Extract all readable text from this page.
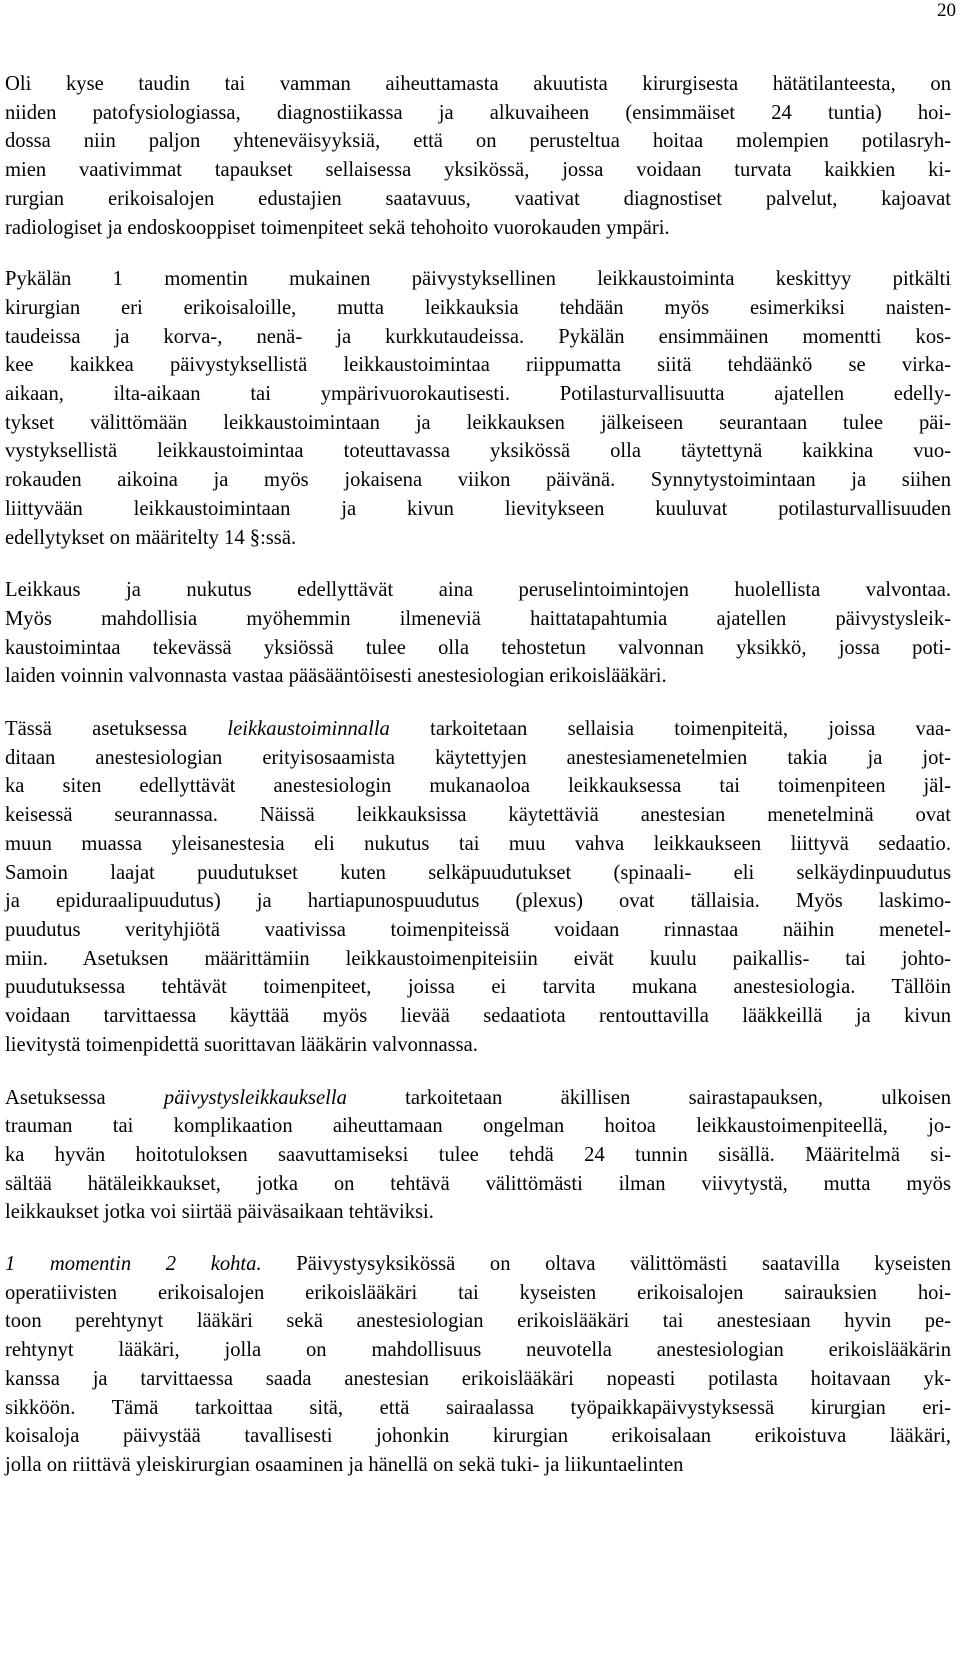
20
Oli kyse taudin tai vamman aiheuttamasta akuutista kirurgisesta hätätilanteesta, on
niiden patofysiologiassa, diagnostiikassa ja alkuvaiheen (ensimmäiset 24 tuntia) hoi-
dossa niin paljon yhteneväisyyksiä, että on perusteltua hoitaa molempien potilasryh-
mien vaativimmat tapaukset sellaisessa yksikössä, jossa voidaan turvata kaikkien ki-
rurgian erikoisalojen edustajien saatavuus, vaativat diagnostiset palvelut, kajoavat
radiologiset ja endoskooppiset toimenpiteet sekä tehohoito vuorokauden ympäri.
Pykälän 1 momentin mukainen päivystyksellinen leikkaustoiminta keskittyy pitkälti
kirurgian eri erikoisaloille, mutta leikkauksia tehdään myös esimerkiksi naisten-
taudeissa ja korva-, nenä- ja kurkkutaudeissa. Pykälän ensimmäinen momentti kos-
kee kaikkea päivystyksellistä leikkaustoimintaa riippumatta siitä tehdäänkö se virka-
aikaan, ilta-aikaan tai ympärivuorokautisesti. Potilasturvallisuutta ajatellen edelly-
tykset välittömään leikkaustoimintaan ja leikkauksen jälkeiseen seurantaan tulee päi-
vystyksellistä leikkaustoimintaa toteuttavassa yksikössä olla täytettynä kaikkina vuo-
rokauden aikoina ja myös jokaisena viikon päivänä. Synnytystoimintaan ja siihen
liittyvään leikkaustoimintaan ja kivun lievitykseen kuuluvat potilasturvallisuuden
edellytykset on määritelty 14 §:ssä.
Leikkaus ja nukutus edellyttävät aina peruselintoimintojen huolellista valvontaa.
Myös mahdollisia myöhemmin ilmeneviä haittatapahtumia ajatellen päivystysleik-
kaustoimintaa tekevässä yksiössä tulee olla tehostetun valvonnan yksikkö, jossa poti-
laiden voinnin valvonnasta vastaa pääsääntöisesti anestesiologian erikoislääkäri.
Tässä asetuksessa leikkaustoiminnalla tarkoitetaan sellaisia toimenpiteitä, joissa vaa-
ditaan anestesiologian erityisosaamista käytettyjen anestesiamenetelmien takia ja jot-
ka siten edellyttävät anestesiologin mukanaoloa leikkauksessa tai toimenpiteen jäl-
keisessä seurannassa. Näissä leikkauksissa käytettäviä anestesian menetelminä ovat
muun muassa yleisanestesia eli nukutus tai muu vahva leikkaukseen liittyvä sedaatio.
Samoin laajat puudutukset kuten selkäpuudutukset (spinaali- eli selkäydinpuudutus
ja epiduraalipuudutus) ja hartiapunospuudutus (plexus) ovat tällaisia. Myös laskimo-
puudutus verityhjiötä vaativissa toimenpiteissä voidaan rinnastaa näihin menetel-
miin. Asetuksen määrittämiin leikkaustoimenpiteisiin eivät kuulu paikallis- tai johto-
puudutuksessa tehtävät toimenpiteet, joissa ei tarvita mukana anestesiologia. Tällöin
voidaan tarvittaessa käyttää myös lievää sedaatiota rentouttavilla lääkkeillä ja kivun
lievitystä toimenpidettä suorittavan lääkärin valvonnassa.
Asetuksessa päivystysleikkauksella tarkoitetaan äkillisen sairastapauksen, ulkoisen
trauman tai komplikaation aiheuttamaan ongelman hoitoa leikkaustoimenpiteellä, jo-
ka hyvän hoitotuloksen saavuttamiseksi tulee tehdä 24 tunnin sisällä. Määritelmä si-
sältää hätäleikkaukset, jotka on tehtävä välittömästi ilman viivytystä, mutta myös
leikkaukset jotka voi siirtää päiväsaikaan tehtäviksi.
1 momentin 2 kohta. Päivystysyksikössä on oltava välittömästi saatavilla kyseisten
operatiivisten erikoisalojen erikoislääkäri tai kyseisten erikoisalojen sairauksien hoi-
toon perehtynyt lääkäri sekä anestesiologian erikoislääkäri tai anestesiaan hyvin pe-
rehtynyt lääkäri, jolla on mahdollisuus neuvotella anestesiologian erikoislääkärin
kanssa ja tarvittaessa saada anestesian erikoislääkäri nopeasti potilasta hoitavaan yk-
sikköön. Tämä tarkoittaa sitä, että sairaalassa työpaikkapäivystyksessä kirurgian eri-
koisaloja päivystää tavallisesti johonkin kirurgian erikoisalaan erikoistuva lääkäri,
jolla on riittävä yleiskirurgian osaaminen ja hänellä on sekä tuki- ja liikuntaelinten
